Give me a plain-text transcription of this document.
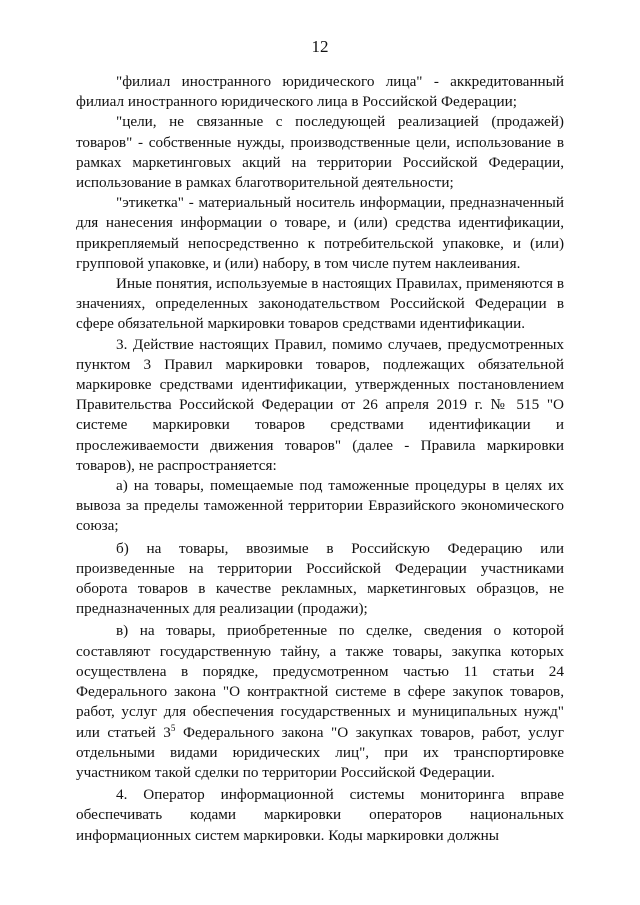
12

"филиал иностранного юридического лица" - аккредитованный филиал иностранного юридического лица в Российской Федерации;

"цели, не связанные с последующей реализацией (продажей) товаров" - собственные нужды, производственные цели, использование в рамках маркетинговых акций на территории Российской Федерации, использование в рамках благотворительной деятельности;

"этикетка" - материальный носитель информации, предназначенный для нанесения информации о товаре, и (или) средства идентификации, прикрепляемый непосредственно к потребительской упаковке, и (или) групповой упаковке, и (или) набору, в том числе путем наклеивания.

Иные понятия, используемые в настоящих Правилах, применяются в значениях, определенных законодательством Российской Федерации в сфере обязательной маркировки товаров средствами идентификации.

3. Действие настоящих Правил, помимо случаев, предусмотренных пунктом 3 Правил маркировки товаров, подлежащих обязательной маркировке средствами идентификации, утвержденных постановлением Правительства Российской Федерации от 26 апреля 2019 г. № 515 "О системе маркировки товаров средствами идентификации и прослеживаемости движения товаров" (далее - Правила маркировки товаров), не распространяется:

а) на товары, помещаемые под таможенные процедуры в целях их вывоза за пределы таможенной территории Евразийского экономического союза;

б) на товары, ввозимые в Российскую Федерацию или произведенные на территории Российской Федерации участниками оборота товаров в качестве рекламных, маркетинговых образцов, не предназначенных для реализации (продажи);

в) на товары, приобретенные по сделке, сведения о которой составляют государственную тайну, а также товары, закупка которых осуществлена в порядке, предусмотренном частью 11 статьи 24 Федерального закона "О контрактной системе в сфере закупок товаров, работ, услуг для обеспечения государственных и муниципальных нужд" или статьей $3^5$ Федерального закона "О закупках товаров, работ, услуг отдельными видами юридических лиц", при их транспортировке участником такой сделки по территории Российской Федерации.

4. Оператор информационной системы мониторинга вправе обеспечивать кодами маркировки операторов национальных информационных систем маркировки. Коды маркировки должны
